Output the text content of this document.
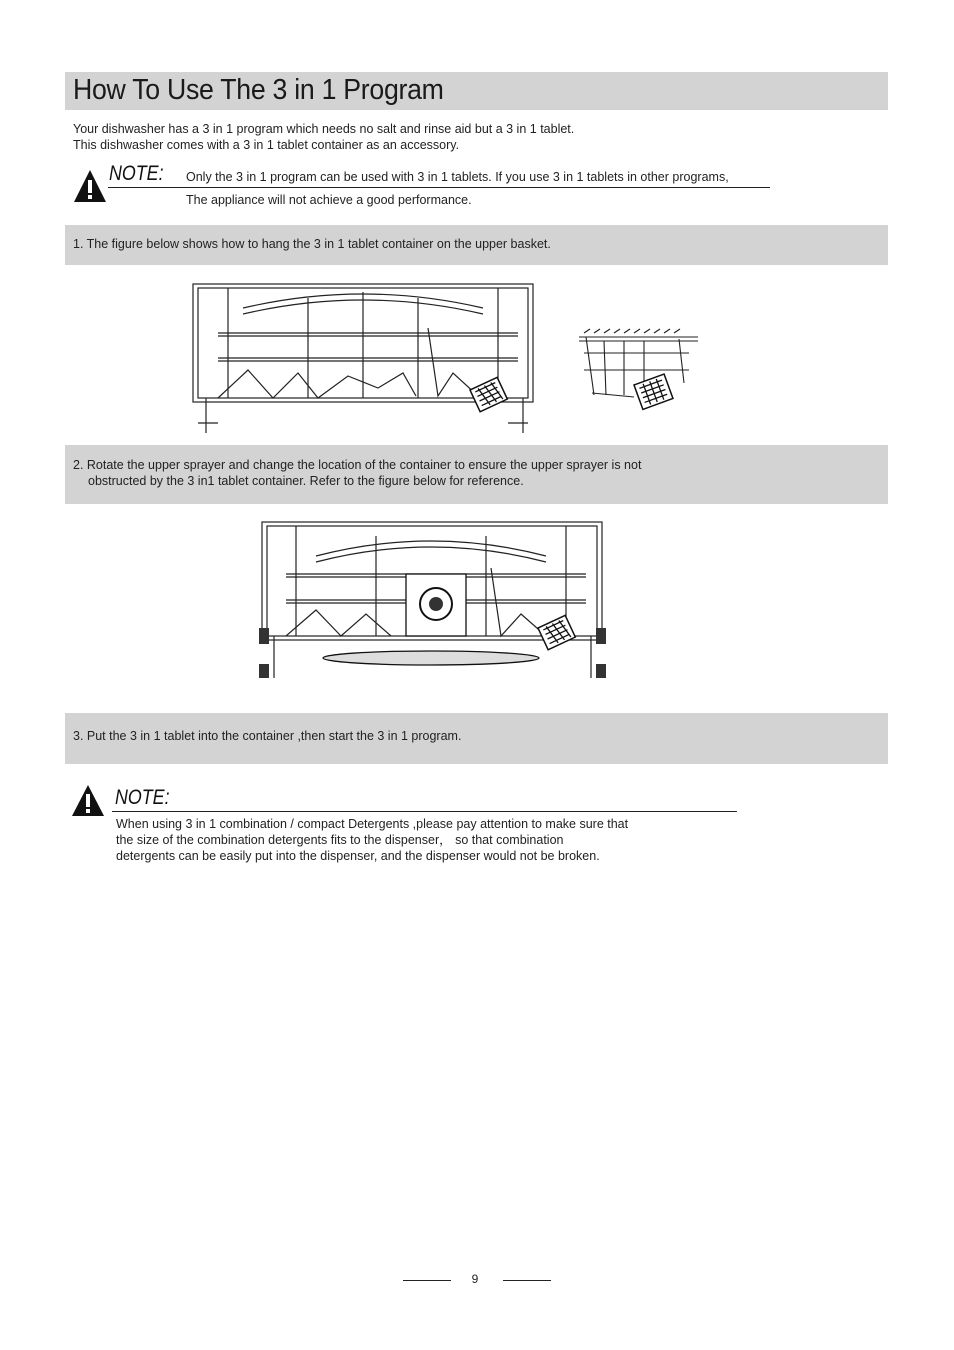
How To Use The 3 in 1 Program
Your dishwasher has a 3 in 1 program which needs no salt and rinse aid but a 3 in 1 tablet.
This dishwasher comes with a 3 in 1 tablet container as an accessory.
NOTE: Only the 3 in 1 program can be used with 3 in 1 tablets. If you use 3 in 1 tablets in other programs,
The appliance will not achieve a good performance.
1. The figure below shows how to hang the 3 in 1 tablet container on the upper basket.
2. Rotate the upper sprayer and change the location of the container to ensure the upper sprayer is not
obstructed by the 3 in1 tablet container. Refer to the figure below for reference.
3. Put the 3 in 1 tablet into the container ,then start the 3 in 1 program.
NOTE:
When using 3 in 1 combination / compact Detergents ,please pay attention to make sure that
the size of the combination detergents fits to the dispenser， so that combination
detergents can be easily put into the dispenser, and the dispenser would not be broken.
9
